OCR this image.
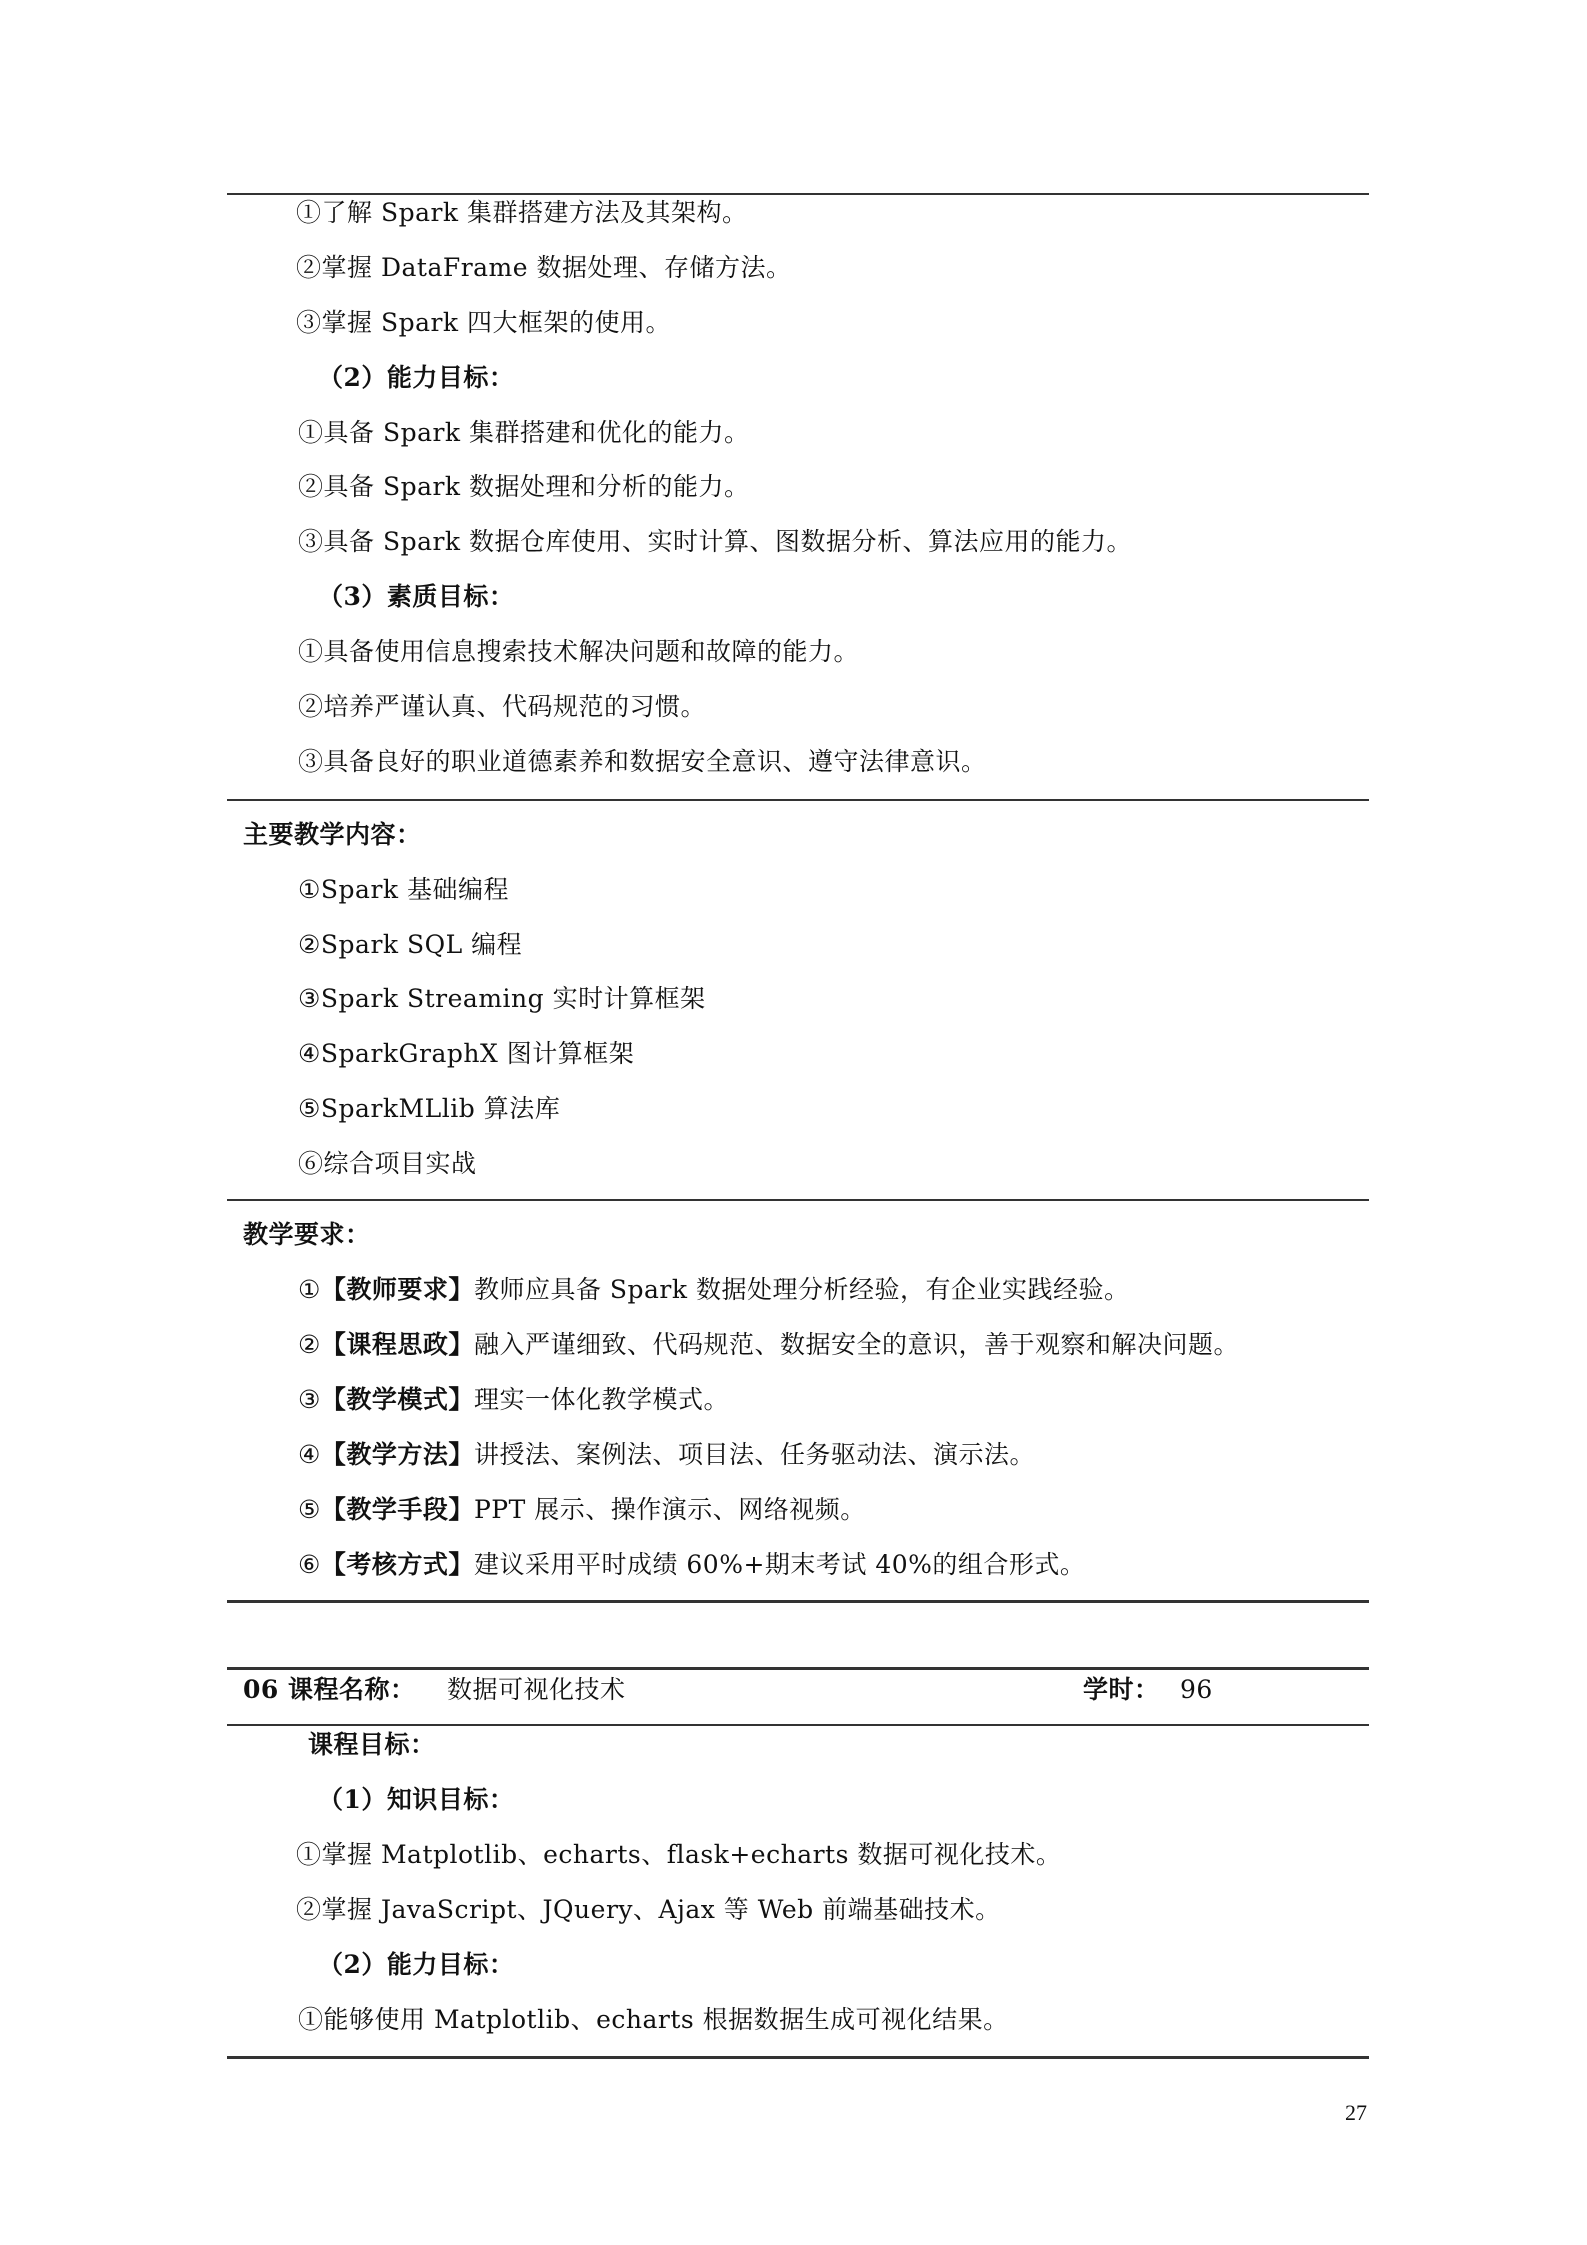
①了解 Spark 集群搭建方法及其架构。
②掌握 DataFrame 数据处理、存储方法。
③掌握 Spark 四大框架的使用。
（2）能力目标：
①具备 Spark 集群搭建和优化的能力。
②具备 Spark 数据处理和分析的能力。
③具备 Spark 数据仓库使用、实时计算、图数据分析、算法应用的能力。
（3）素质目标：
①具备使用信息搜索技术解决问题和故障的能力。
②培养严谨认真、代码规范的习惯。
③具备良好的职业道德素养和数据安全意识、遵守法律意识。
主要教学内容：
①Spark 基础编程
②Spark SQL 编程
③Spark Streaming 实时计算框架
④SparkGraphX 图计算框架
⑤SparkMLlib 算法库
⑥综合项目实战
教学要求：
①【教师要求】教师应具备 Spark 数据处理分析经验，有企业实践经验。
②【课程思政】融入严谨细致、代码规范、数据安全的意识，善于观察和解决问题。
③【教学模式】理实一体化教学模式。
④【教学方法】讲授法、案例法、项目法、任务驱动法、演示法。
⑤【教学手段】PPT 展示、操作演示、网络视频。
⑥【考核方式】建议采用平时成绩 60%+期末考试 40%的组合形式。
06 课程名称： 数据可视化技术	学时： 96
课程目标：
（1）知识目标：
①掌握 Matplotlib、echarts、flask+echarts 数据可视化技术。
②掌握 JavaScript、JQuery、Ajax 等 Web 前端基础技术。
（2）能力目标：
①能够使用 Matplotlib、echarts 根据数据生成可视化结果。
27
